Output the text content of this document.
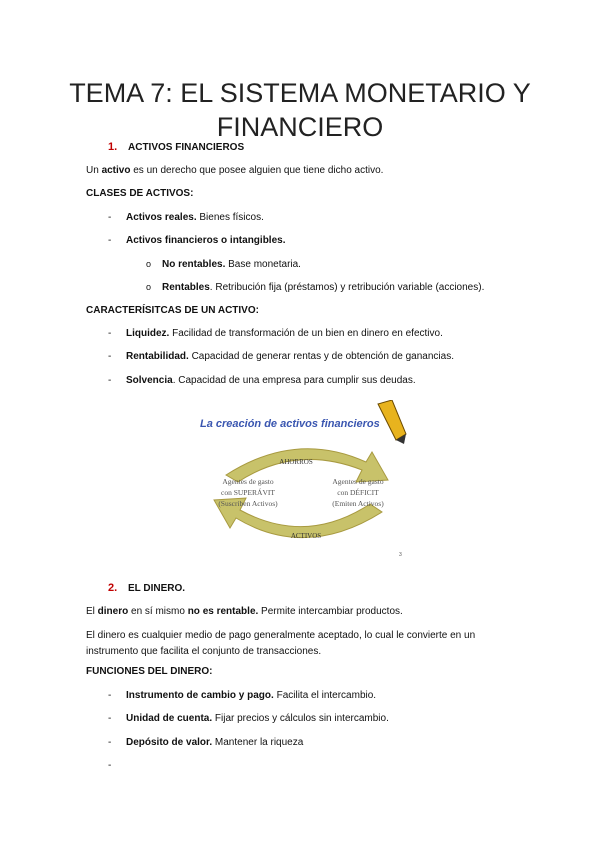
TEMA 7: EL SISTEMA MONETARIO Y
FINANCIERO
1. ACTIVOS FINANCIEROS
Un activo es un derecho que posee alguien que tiene dicho activo.
CLASES DE ACTIVOS:
- Activos reales. Bienes físicos.
- Activos financieros o intangibles.
o No rentables. Base monetaria.
o Rentables. Retribución fija (préstamos) y retribución variable (acciones).
CARACTERÍSITCAS DE UN ACTIVO:
- Liquidez. Facilidad de transformación de un bien en dinero en efectivo.
- Rentabilidad. Capacidad de generar rentas y de obtención de ganancias.
- Solvencia. Capacidad de una empresa para cumplir sus deudas.
La creación de activos financieros
AHORROS
ACTIVOS
Agentes de gasto
con SUPERÁVIT
(Suscriben Activos)
Agentes de gasto
con DÉFICIT
(Emiten Activos)
3
2. EL DINERO.
El dinero en sí mismo no es rentable. Permite intercambiar productos.
El dinero es cualquier medio de pago generalmente aceptado, lo cual le convierte en un
instrumento que facilita el conjunto de transacciones.
FUNCIONES DEL DINERO:
- Instrumento de cambio y pago. Facilita el intercambio.
- Unidad de cuenta. Fijar precios y cálculos sin intercambio.
- Depósito de valor. Mantener la riqueza
-
